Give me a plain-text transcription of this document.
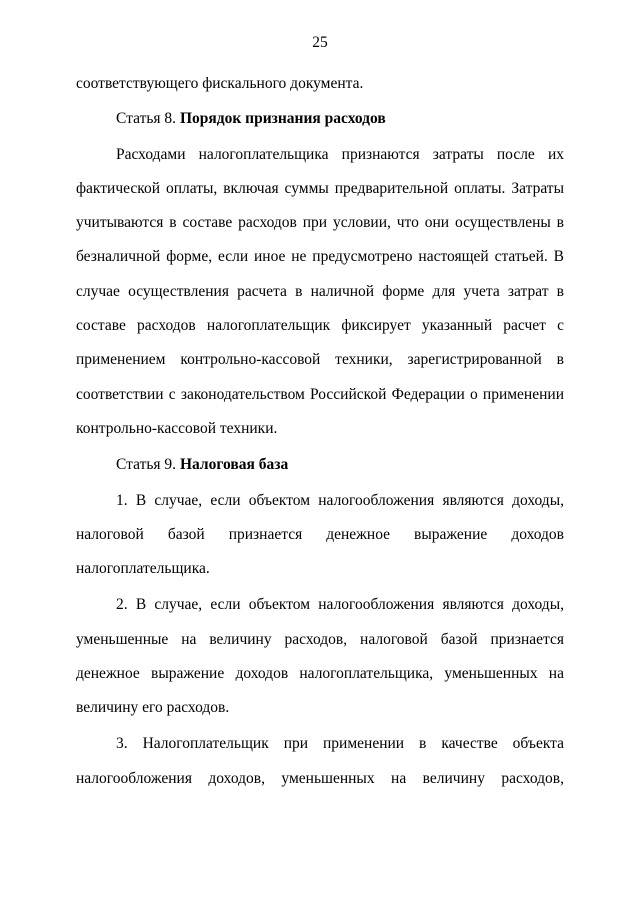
25
соответствующего фискального документа.
Статья 8. Порядок признания расходов
Расходами налогоплательщика признаются затраты после их
фактической оплаты, включая суммы предварительной оплаты. Затраты
учитываются в составе расходов при условии, что они осуществлены в
безналичной форме, если иное не предусмотрено настоящей статьей. В
случае осуществления расчета в наличной форме для учета затрат в
составе расходов налогоплательщик фиксирует указанный расчет с
применением контрольно-кассовой техники, зарегистрированной в
соответствии с законодательством Российской Федерации о применении
контрольно-кассовой техники.
Статья 9. Налоговая база
1. В случае, если объектом налогообложения являются доходы,
налоговой базой признается денежное выражение доходов
налогоплательщика.
2. В случае, если объектом налогообложения являются доходы,
уменьшенные на величину расходов, налоговой базой признается
денежное выражение доходов налогоплательщика, уменьшенных на
величину его расходов.
3. Налогоплательщик при применении в качестве объекта
налогообложения доходов, уменьшенных на величину расходов,
